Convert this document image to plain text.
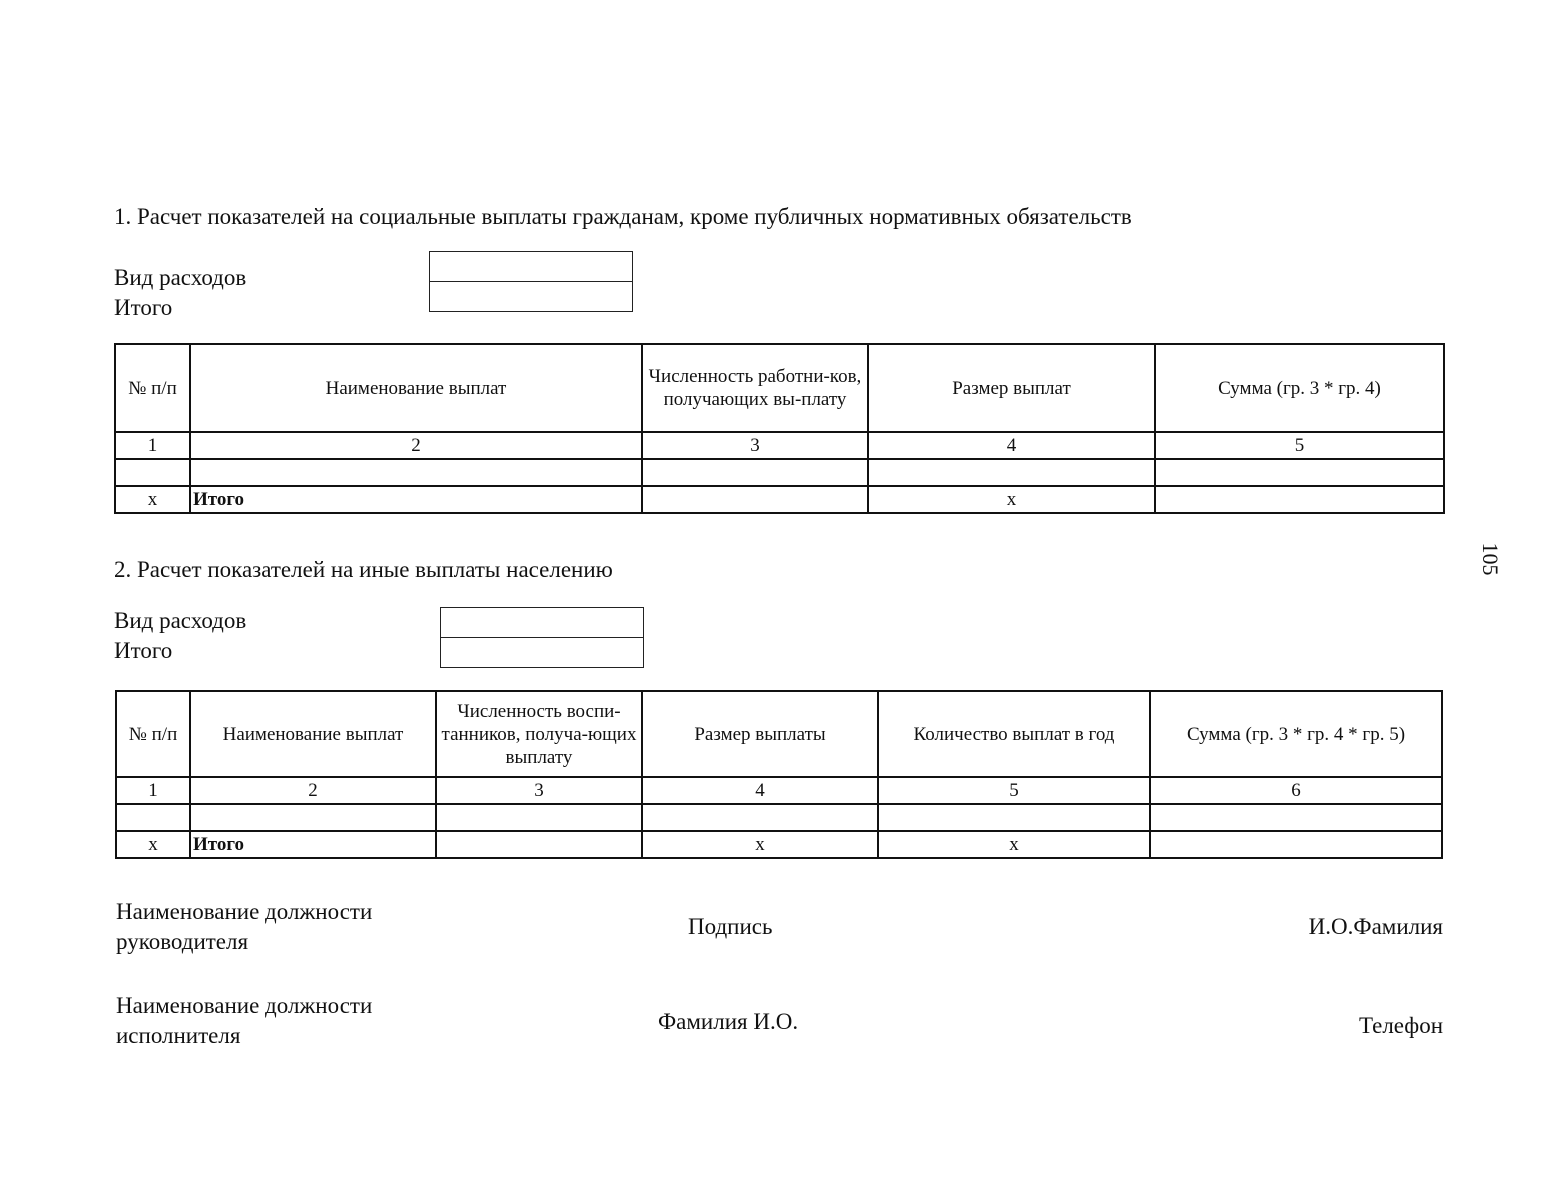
1. Расчет показателей на социальные выплаты гражданам, кроме публичных нормативных обязательств
Вид расходов
Итого
№ п/п	Наименование выплат	Численность работни-ков, получающих вы-плату	Размер выплат	Сумма (гр. 3 * гр. 4)
1	2	3	4	5

x	Итого		x	
105
2. Расчет показателей на иные выплаты населению
Вид расходов
Итого
№ п/п	Наименование выплат	Численность воспи-танников, получа-ющих выплату	Размер выплаты	Количество выплат в год	Сумма (гр. 3 * гр. 4 * гр. 5)
1	2	3	4	5	6

x	Итого		x	x	
Наименование должности
руководителя
Подпись	И.О.Фамилия
Наименование должности
исполнителя
Фамилия И.О.	Телефон
